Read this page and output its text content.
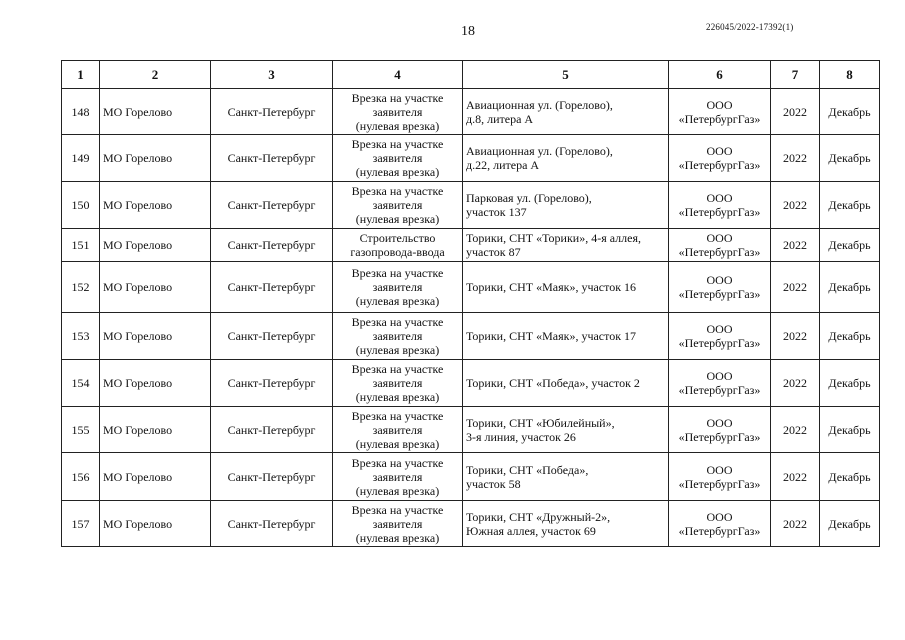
18	226045/2022-17392(1)
1	2	3	4	5	6	7	8
148	МО Горелово	Санкт-Петербург	Врезка на участке
заявителя
(нулевая врезка)	Авиационная ул. (Горелово),
д.8, литера А	ООО
«ПетербургГаз»	2022	Декабрь
149	МО Горелово	Санкт-Петербург	Врезка на участке
заявителя
(нулевая врезка)	Авиационная ул. (Горелово),
д.22, литера А	ООО
«ПетербургГаз»	2022	Декабрь
150	МО Горелово	Санкт-Петербург	Врезка на участке
заявителя
(нулевая врезка)	Парковая ул. (Горелово),
участок 137	ООО
«ПетербургГаз»	2022	Декабрь
151	МО Горелово	Санкт-Петербург	Строительство
газопровода-ввода	Торики, СНТ «Торики», 4-я аллея,
участок 87	ООО
«ПетербургГаз»	2022	Декабрь
152	МО Горелово	Санкт-Петербург	Врезка на участке
заявителя
(нулевая врезка)	Торики, СНТ «Маяк», участок 16	ООО
«ПетербургГаз»	2022	Декабрь
153	МО Горелово	Санкт-Петербург	Врезка на участке
заявителя
(нулевая врезка)	Торики, СНТ «Маяк», участок 17	ООО
«ПетербургГаз»	2022	Декабрь
154	МО Горелово	Санкт-Петербург	Врезка на участке
заявителя
(нулевая врезка)	Торики, СНТ «Победа», участок 2	ООО
«ПетербургГаз»	2022	Декабрь
155	МО Горелово	Санкт-Петербург	Врезка на участке
заявителя
(нулевая врезка)	Торики, СНТ «Юбилейный»,
3-я линия, участок 26	ООО
«ПетербургГаз»	2022	Декабрь
156	МО Горелово	Санкт-Петербург	Врезка на участке
заявителя
(нулевая врезка)	Торики, СНТ «Победа»,
участок 58	ООО
«ПетербургГаз»	2022	Декабрь
157	МО Горелово	Санкт-Петербург	Врезка на участке
заявителя
(нулевая врезка)	Торики, СНТ «Дружный-2»,
Южная аллея, участок 69	ООО
«ПетербургГаз»	2022	Декабрь
